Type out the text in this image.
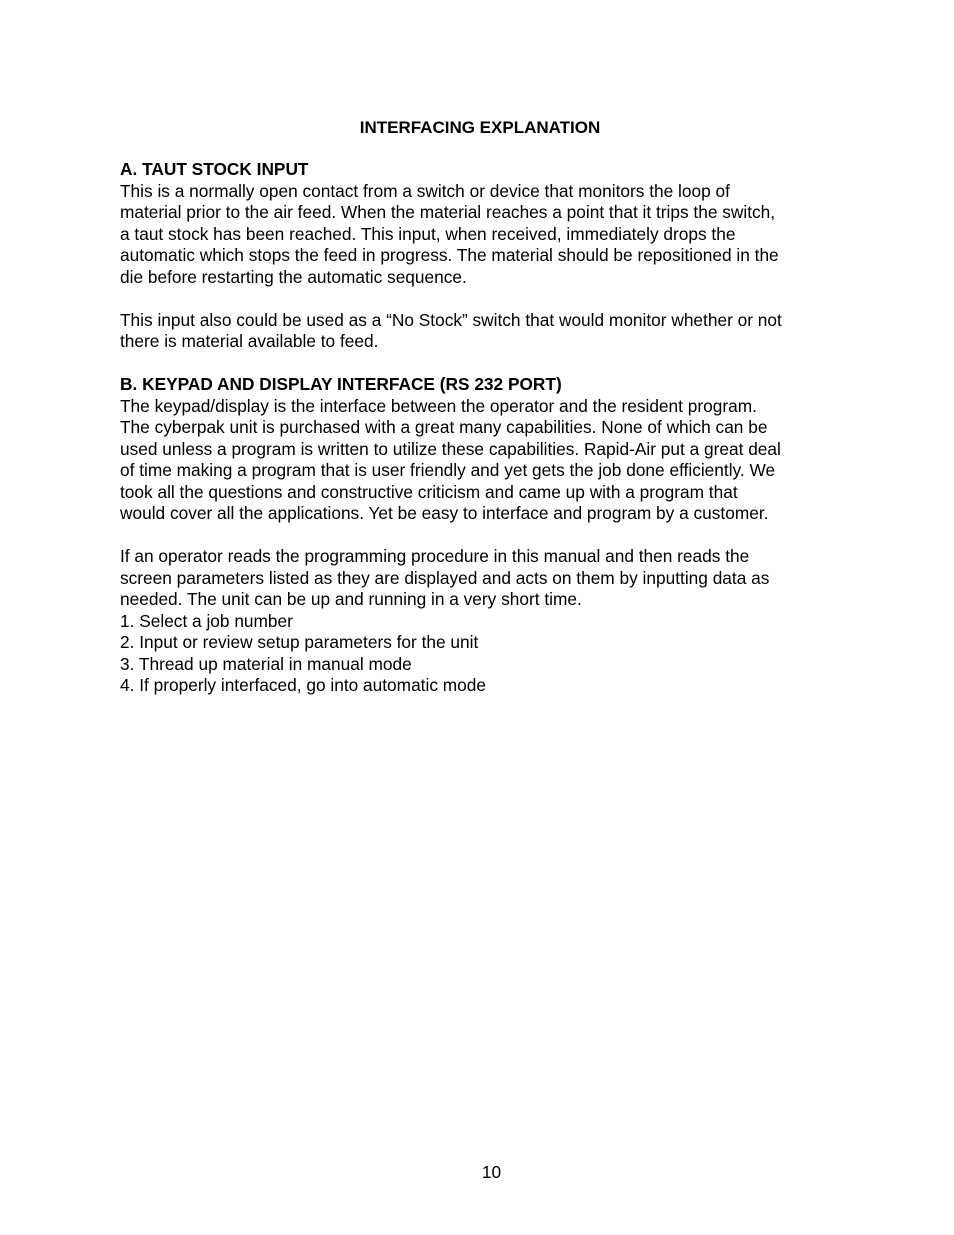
INTERFACING EXPLANATION

A. TAUT STOCK INPUT

This is a normally open contact from a switch or device that monitors the loop of

material prior to the air feed. When the material reaches a point that it trips the switch,

a taut stock has been reached. This input, when received, immediately drops the

automatic which stops the feed in progress. The material should be repositioned in the

die before restarting the automatic sequence.

This input also could be used as a “No Stock” switch that would monitor whether or not

there is material available to feed.

B. KEYPAD AND DISPLAY INTERFACE (RS 232 PORT)

The keypad/display is the interface between the operator and the resident program.

The cyberpak unit is purchased with a great many capabilities. None of which can be

used unless a program is written to utilize these capabilities. Rapid-Air put a great deal

of time making a program that is user friendly and yet gets the job done efficiently. We

took all the questions and constructive criticism and came up with a program that

would cover all the applications. Yet be easy to interface and program by a customer.

If an operator reads the programming procedure in this manual and then reads the

screen parameters listed as they are displayed and acts on them by inputting data as

needed. The unit can be up and running in a very short time.

1. Select a job number
2. Input or review setup parameters for the unit
3. Thread up material in manual mode
4. If properly interfaced, go into automatic mode

10
